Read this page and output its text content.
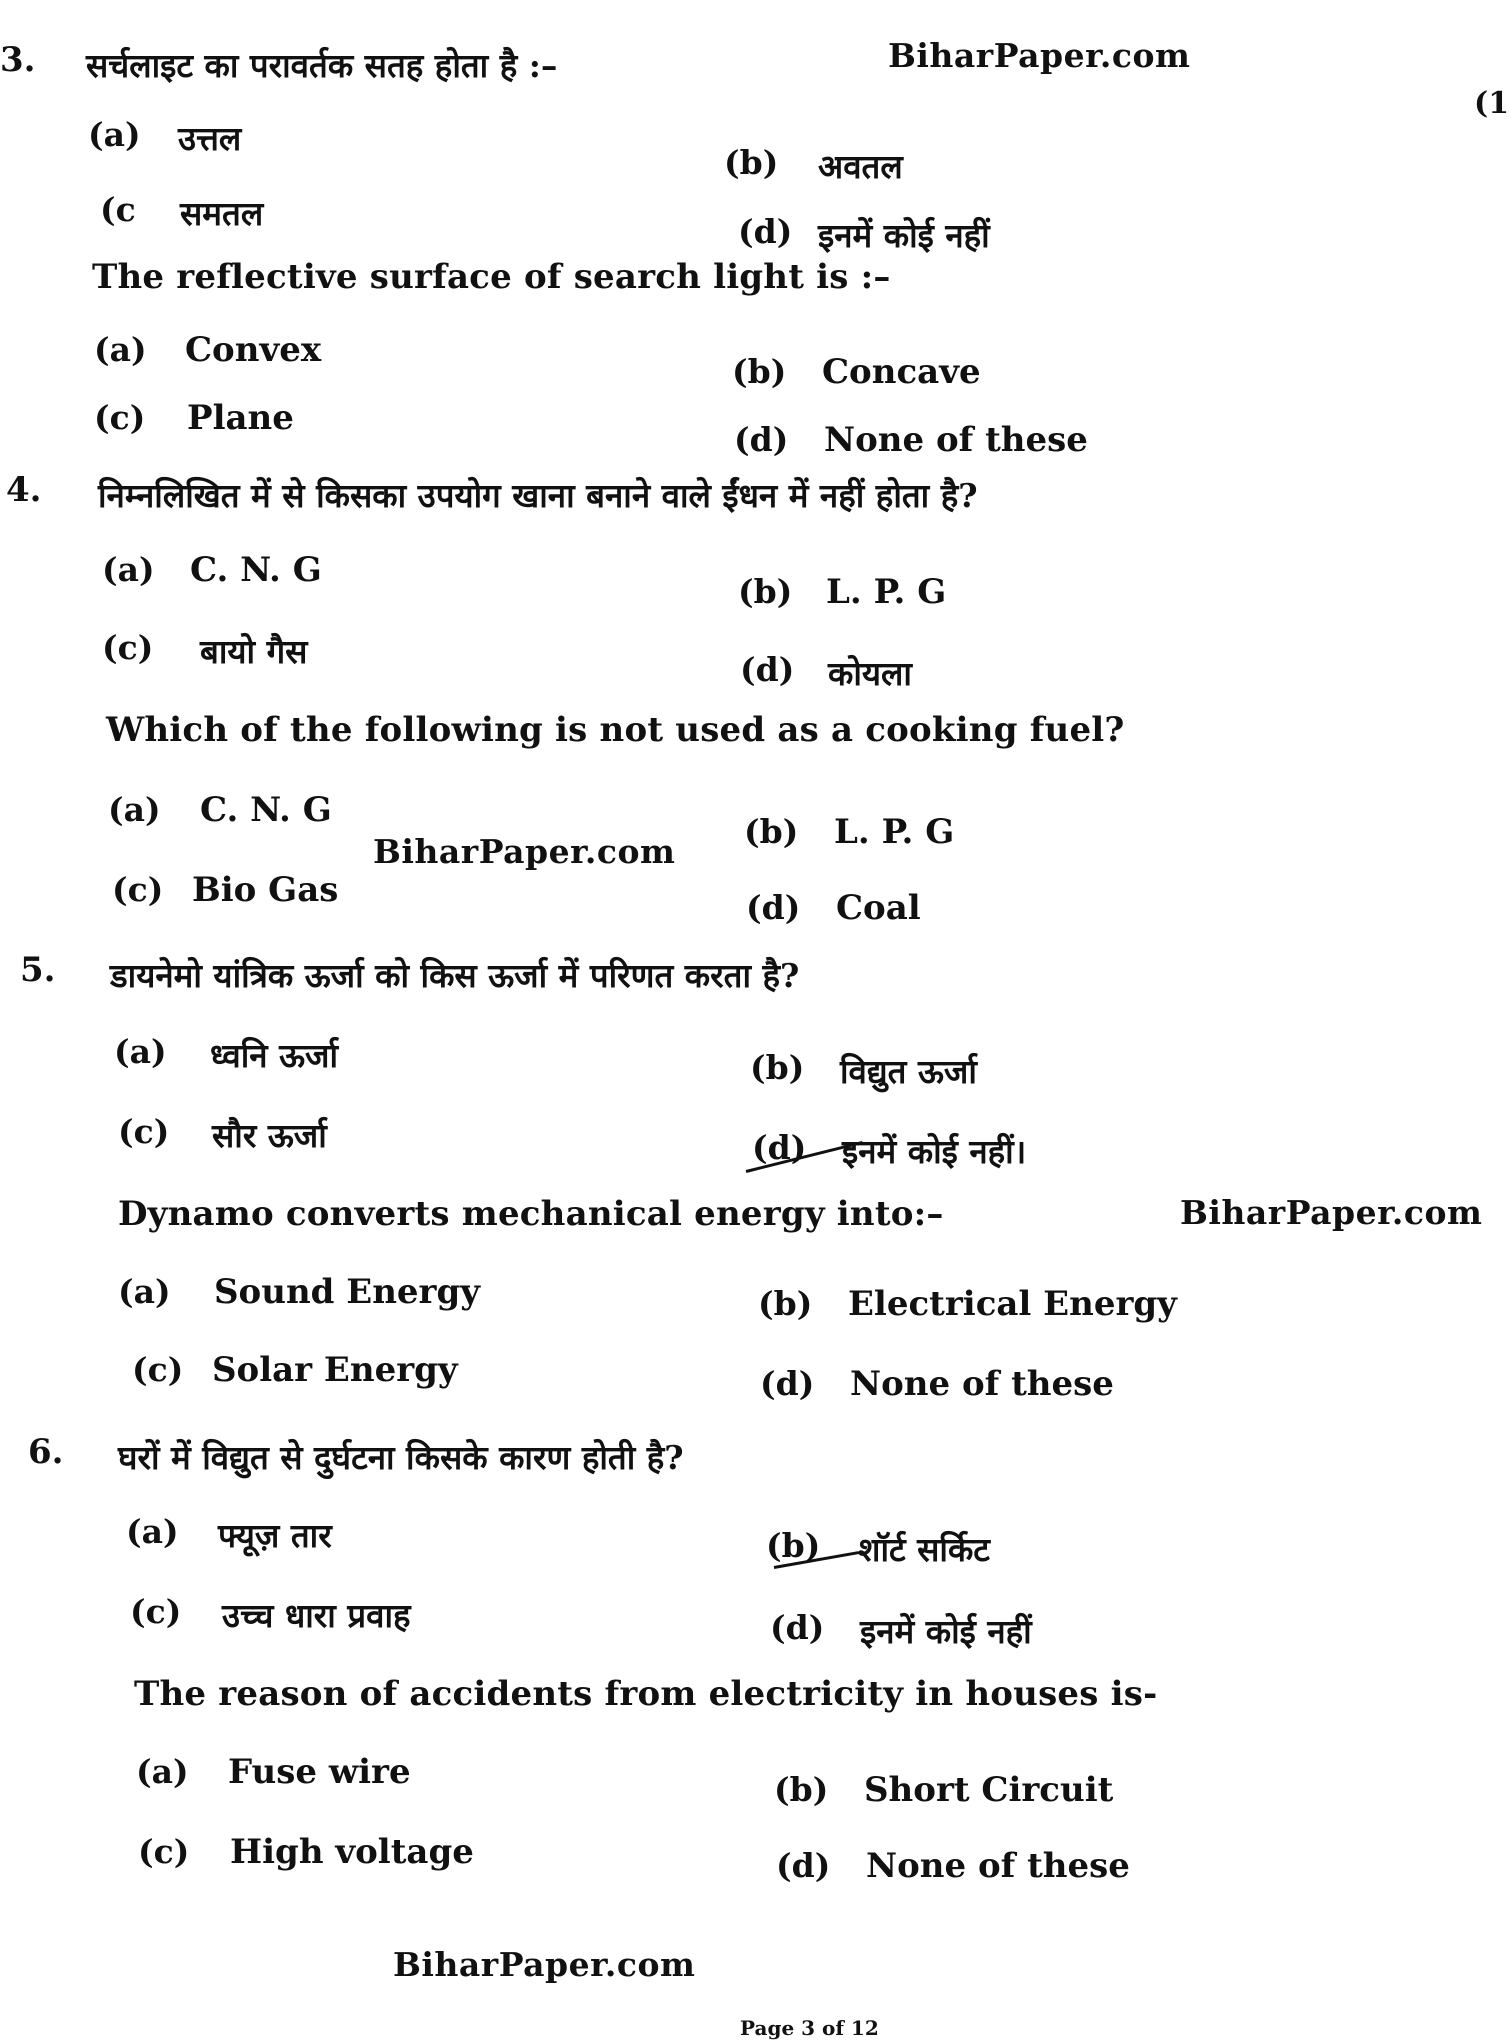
BiharPaper.com
BiharPaper.com
BiharPaper.com
BiharPaper.com
(1
3. सर्चलाइट का परावर्तक सतह होता है :–
(a) उत्तल
(b) अवतल
(c समतल	(d) इनमें कोई नहीं
The reflective surface of search light is :–
(a) Convex
(b) Concave
(c) Plane
(d) None of these
4. निम्नलिखित में से किसका उपयोग खाना बनाने वाले ईंधन में नहीं होता है?
(a) C. N. G
(b) L. P. G
(c) बायो गैस	(d) कोयला
Which of the following is not used as a cooking fuel?
(a) C. N. G
(b) L. P. G
(c) Bio Gas	(d) Coal
5. डायनेमो यांत्रिक ऊर्जा को किस ऊर्जा में परिणत करता है?
(a) ध्वनि ऊर्जा	(b) विद्युत ऊर्जा
(c) सौर ऊर्जा	(d) इनमें कोई नहीं।
Dynamo converts mechanical energy into:–
(a) Sound Energy	(b) Electrical Energy
(c) Solar Energy	(d) None of these
6. घरों में विद्युत से दुर्घटना किसके कारण होती है?
(a) फ्यूज़ तार	(b) शॉर्ट सर्किट
(c) उच्च धारा प्रवाह	(d) इनमें कोई नहीं
The reason of accidents from electricity in houses is-
(a) Fuse wire	(b) Short Circuit
(c) High voltage	(d) None of these
Page 3 of 12
